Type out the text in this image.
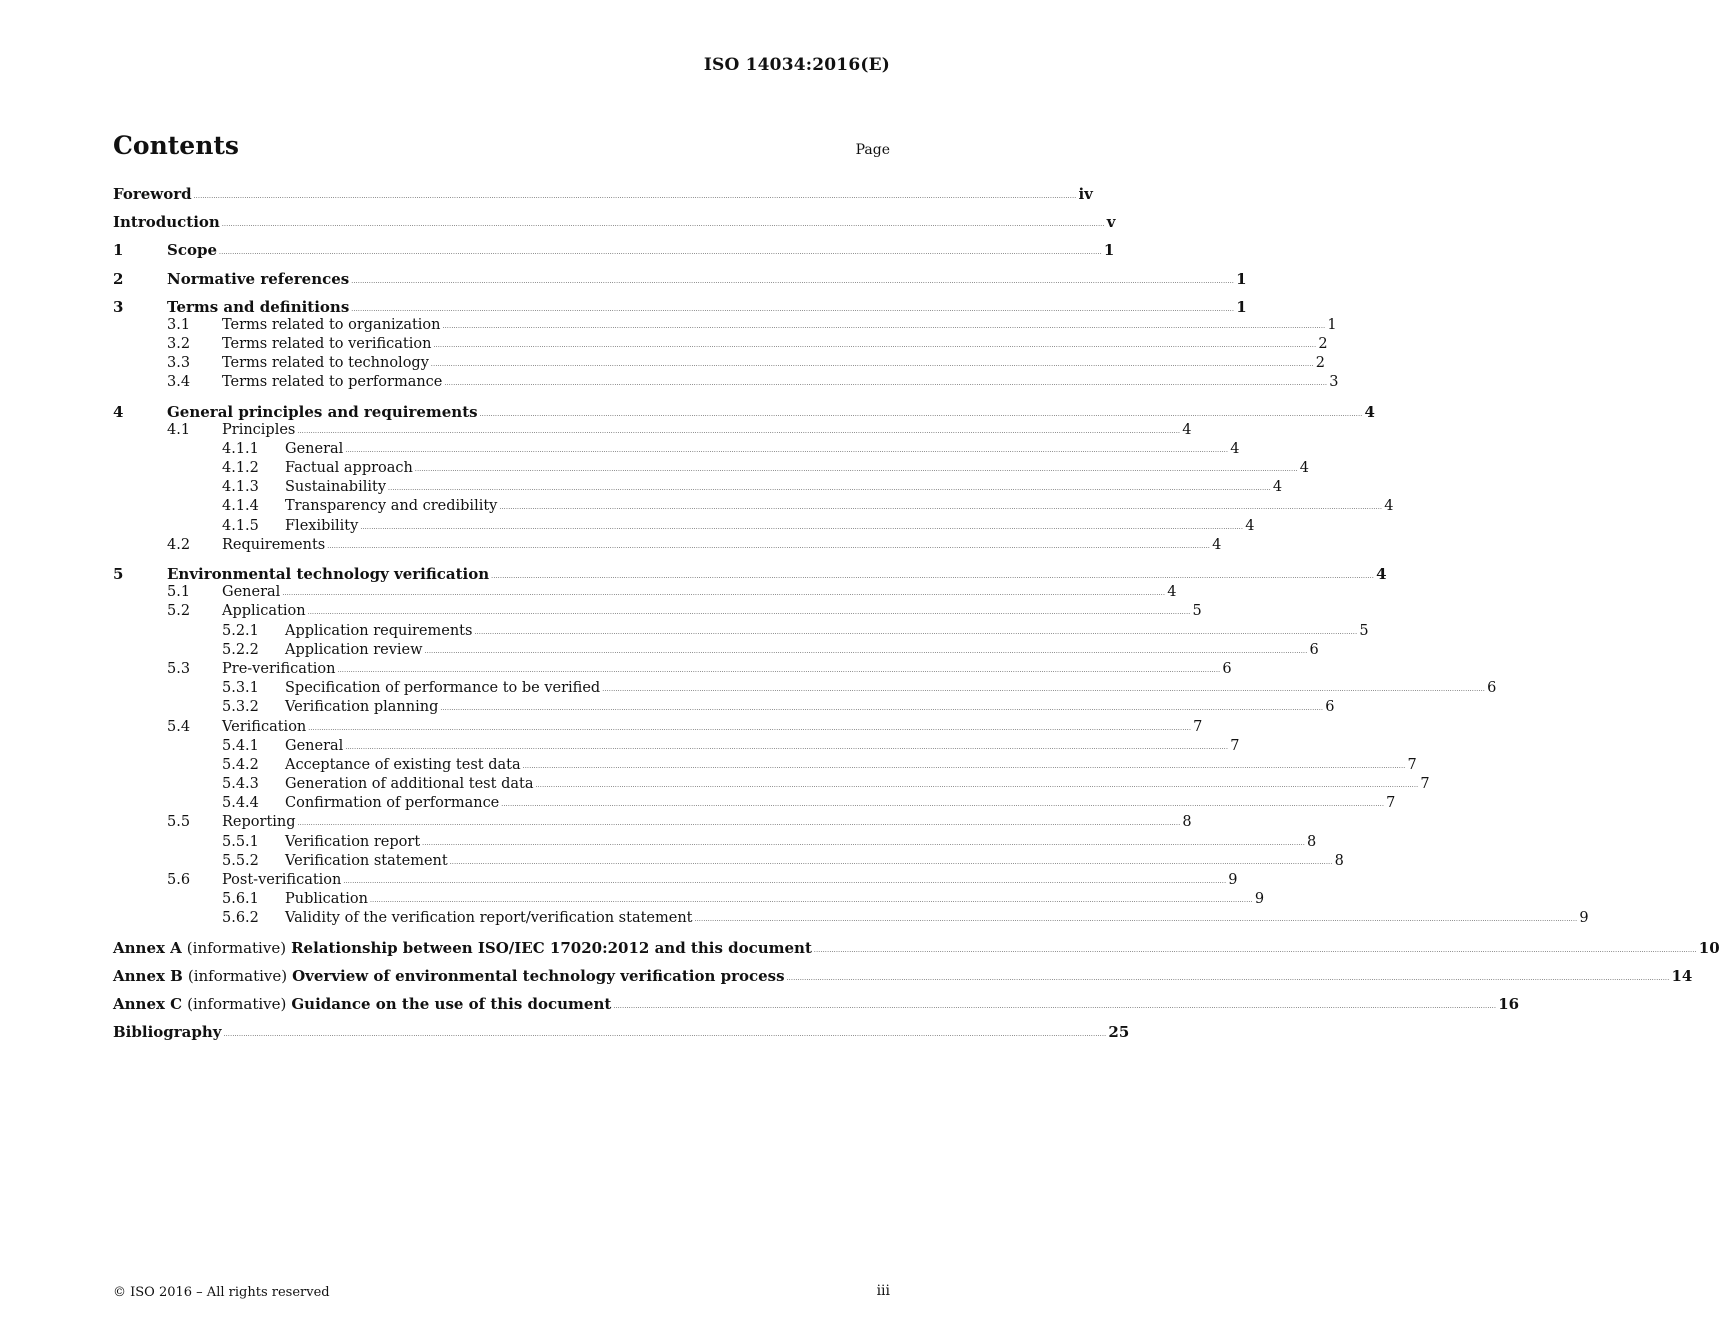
ISO 14034:2016(E)
Contents	Page
Foreword ................................................................................................................................................................................................................................................................................................................................................................................................................ iv
Introduction ................................................................................................................................................................................................................................................................................................................................................................................................................ v
1	Scope ................................................................................................................................................................................................................................................................................................................................................................................................................ 1
2	Normative references ................................................................................................................................................................................................................................................................................................................................................................................................................ 1
3	Terms and definitions ................................................................................................................................................................................................................................................................................................................................................................................................................ 1
3.1	Terms related to organization ................................................................................................................................................................................................................................................................................................................................................................................................................ 1
3.2	Terms related to verification ................................................................................................................................................................................................................................................................................................................................................................................................................ 2
3.3	Terms related to technology ................................................................................................................................................................................................................................................................................................................................................................................................................ 2
3.4	Terms related to performance ................................................................................................................................................................................................................................................................................................................................................................................................................ 3
4	General principles and requirements ................................................................................................................................................................................................................................................................................................................................................................................................................ 4
4.1	Principles ................................................................................................................................................................................................................................................................................................................................................................................................................ 4
4.1.1	General ................................................................................................................................................................................................................................................................................................................................................................................................................ 4
4.1.2	Factual approach ................................................................................................................................................................................................................................................................................................................................................................................................................ 4
4.1.3	Sustainability ................................................................................................................................................................................................................................................................................................................................................................................................................ 4
4.1.4	Transparency and credibility ................................................................................................................................................................................................................................................................................................................................................................................................................ 4
4.1.5	Flexibility ................................................................................................................................................................................................................................................................................................................................................................................................................ 4
4.2	Requirements ................................................................................................................................................................................................................................................................................................................................................................................................................ 4
5	Environmental technology verification ................................................................................................................................................................................................................................................................................................................................................................................................................ 4
5.1	General ................................................................................................................................................................................................................................................................................................................................................................................................................ 4
5.2	Application ................................................................................................................................................................................................................................................................................................................................................................................................................ 5
5.2.1	Application requirements ................................................................................................................................................................................................................................................................................................................................................................................................................ 5
5.2.2	Application review ................................................................................................................................................................................................................................................................................................................................................................................................................ 6
5.3	Pre-verification ................................................................................................................................................................................................................................................................................................................................................................................................................ 6
5.3.1	Specification of performance to be verified ................................................................................................................................................................................................................................................................................................................................................................................................................ 6
5.3.2	Verification planning ................................................................................................................................................................................................................................................................................................................................................................................................................ 6
5.4	Verification ................................................................................................................................................................................................................................................................................................................................................................................................................ 7
5.4.1	General ................................................................................................................................................................................................................................................................................................................................................................................................................ 7
5.4.2	Acceptance of existing test data ................................................................................................................................................................................................................................................................................................................................................................................................................ 7
5.4.3	Generation of additional test data ................................................................................................................................................................................................................................................................................................................................................................................................................ 7
5.4.4	Confirmation of performance ................................................................................................................................................................................................................................................................................................................................................................................................................ 7
5.5	Reporting ................................................................................................................................................................................................................................................................................................................................................................................................................ 8
5.5.1	Verification report ................................................................................................................................................................................................................................................................................................................................................................................................................ 8
5.5.2	Verification statement ................................................................................................................................................................................................................................................................................................................................................................................................................ 8
5.6	Post-verification ................................................................................................................................................................................................................................................................................................................................................................................................................ 9
5.6.1	Publication ................................................................................................................................................................................................................................................................................................................................................................................................................ 9
5.6.2	Validity of the verification report/verification statement ................................................................................................................................................................................................................................................................................................................................................................................................................ 9
Annex A (informative) Relationship between ISO/IEC 17020:2012 and this document ................................................................................................................................................................................................................................................................................................................................................................................................................ 10
Annex B (informative) Overview of environmental technology verification process ................................................................................................................................................................................................................................................................................................................................................................................................................ 14
Annex C (informative) Guidance on the use of this document ................................................................................................................................................................................................................................................................................................................................................................................................................ 16
Bibliography ................................................................................................................................................................................................................................................................................................................................................................................................................ 25
© ISO 2016 – All rights reserved	iii
